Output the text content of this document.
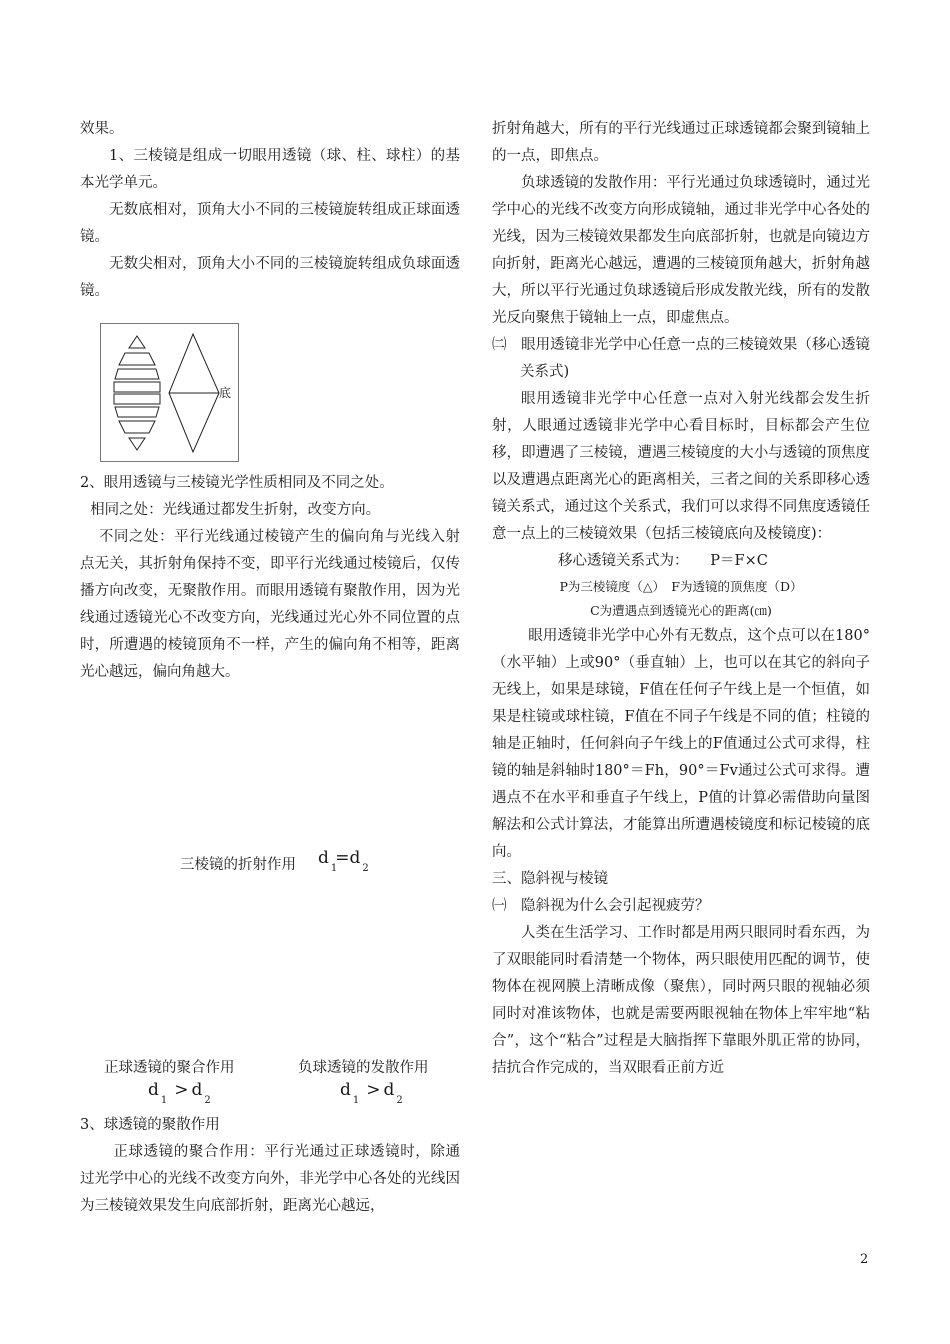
效果。

1、三棱镜是组成一切眼用透镜（球、柱、球柱）的基本光学单元。

无数底相对，顶角大小不同的三棱镜旋转组成正球面透镜。

无数尖相对，顶角大小不同的三棱镜旋转组成负球面透镜。

底

2、眼用透镜与三棱镜光学性质相同及不同之处。

相同之处：光线通过都发生折射，改变方向。

不同之处：平行光线通过棱镜产生的偏向角与光线入射点无关，其折射角保持不变，即平行光线通过棱镜后，仅传播方向改变，无聚散作用。而眼用透镜有聚散作用，因为光线通过透镜光心不改变方向，光线通过光心外不同位置的点时，所遭遇的棱镜顶角不一样，产生的偏向角不相等，距离光心越远，偏向角越大。

三棱镜的折射作用 $d_1=d_2$
正球透镜的聚合作用	负球透镜的发散作用
$d_1> d_2$
$d_1> d_2$

3、球透镜的聚散作用

正球透镜的聚合作用：平行光通过正球透镜时，除通过光学中心的光线不改变方向外，非光学中心各处的光线因为三棱镜效果发生向底部折射，距离光心越远，

折射角越大，所有的平行光线通过正球透镜都会聚到镜轴上的一点，即焦点。

负球透镜的发散作用：平行光通过负球透镜时，通过光学中心的光线不改变方向形成镜轴，通过非光学中心各处的光线，因为三棱镜效果都发生向底部折射，也就是向镜边方向折射，距离光心越远，遭遇的三棱镜顶角越大，折射角越大，所以平行光通过负球透镜后形成发散光线，所有的发散光反向聚焦于镜轴上一点，即虚焦点。

㈡　眼用透镜非光学中心任意一点的三棱镜效果（移心透镜关系式)

眼用透镜非光学中心任意一点对入射光线都会发生折射，人眼通过透镜非光学中心看目标时，目标都会产生位移，即遭遇了三棱镜，遭遇三棱镜度的大小与透镜的顶焦度以及遭遇点距离光心的距离相关，三者之间的关系即移心透镜关系式，通过这个关系式，我们可以求得不同焦度透镜任意一点上的三棱镜效果（包括三棱镜底向及棱镜度)：

移心透镜关系式为：　　P＝F×C

P为三棱镜度（△）　F为透镜的顶焦度（D）

C为遭遇点到透镜光心的距离(㎝)

眼用透镜非光学中心外有无数点，这个点可以在180°（水平轴）上或90°（垂直轴）上，也可以在其它的斜向子无线上，如果是球镜，F值在任何子午线上是一个恒值，如果是柱镜或球柱镜，F值在不同子午线是不同的值；柱镜的轴是正轴时，任何斜向子午线上的F值通过公式可求得，柱镜的轴是斜轴时180°＝Fh，90°＝Fv通过公式可求得。遭遇点不在水平和垂直子午线上，P值的计算必需借助向量图解法和公式计算法，才能算出所遭遇棱镜度和标记棱镜的底向。

三、隐斜视与棱镜

㈠　隐斜视为什么会引起视疲劳？

人类在生活学习、工作时都是用两只眼同时看东西，为了双眼能同时看清楚一个物体，两只眼使用匹配的调节，使物体在视网膜上清晰成像（聚焦），同时两只眼的视轴必须同时对准该物体，也就是需要两眼视轴在物体上牢牢地“粘合”，这个“粘合”过程是大脑指挥下靠眼外肌正常的协同，拮抗合作完成的，当双眼看正前方近

2
